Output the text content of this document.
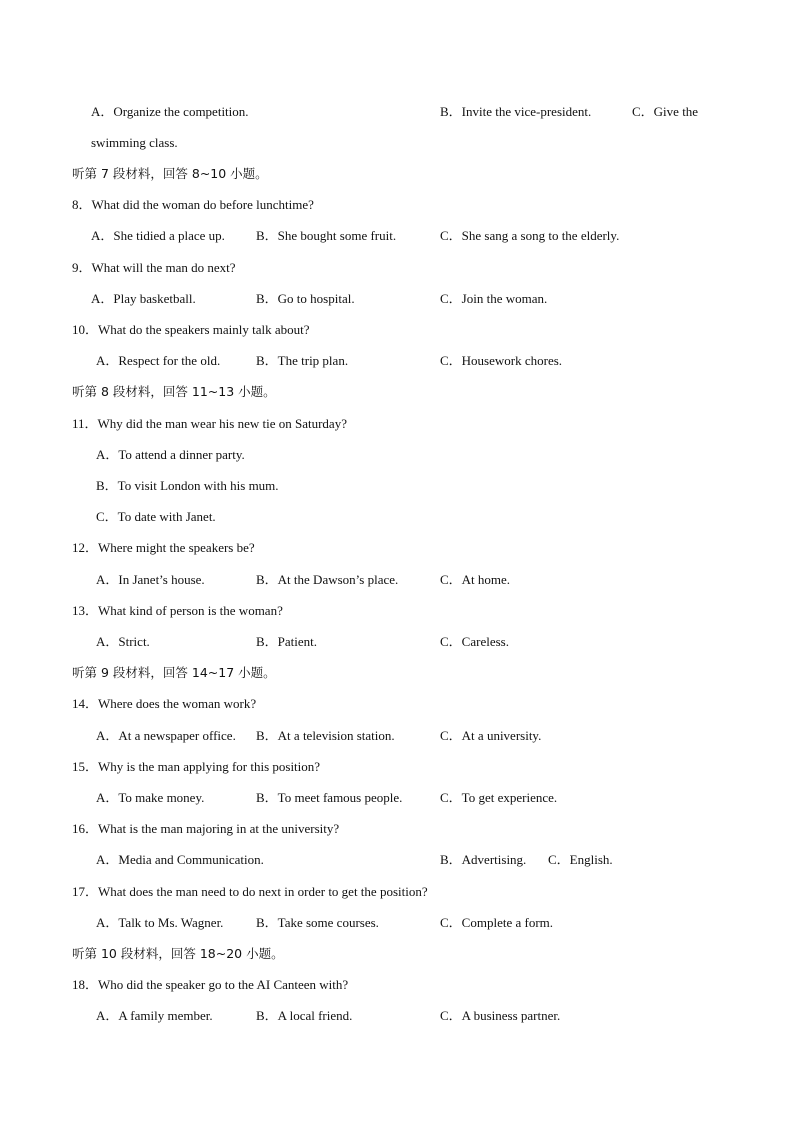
A．Organize the competition.	B．Invite the vice-president.	C．Give the
swimming class.
听第 7 段材料，回答 8~10 小题。
8．What did the woman do before lunchtime?
A．She tidied a place up. B．She bought some fruit.	C．She sang a song to the elderly.
9．What will the man do next?
A．Play basketball.	B．Go to hospital.	C．Join the woman.
10．What do the speakers mainly talk about?
A．Respect for the old.	B．The trip plan.	C．Housework chores.
听第 8 段材料，回答 11~13 小题。
11．Why did the man wear his new tie on Saturday?
A．To attend a dinner party.
B．To visit London with his mum.
C．To date with Janet.
12．Where might the speakers be?
A．In Janet’s house.	B．At the Dawson’s place.	C．At home.
13．What kind of person is the woman?
A．Strict.	B．Patient.	C．Careless.
听第 9 段材料，回答 14~17 小题。
14．Where does the woman work?
A．At a newspaper office. B．At a television station.	C．At a university.
15．Why is the man applying for this position?
A．To make money.	B．To meet famous people.	C．To get experience.
16．What is the man majoring in at the university?
A．Media and Communication.	B．Advertising. C．English.
17．What does the man need to do next in order to get the position?
A．Talk to Ms. Wagner.	B．Take some courses.	C．Complete a form.
听第 10 段材料，回答 18~20 小题。
18．Who did the speaker go to the AI Canteen with?
A．A family member.	B．A local friend.	C．A business partner.
